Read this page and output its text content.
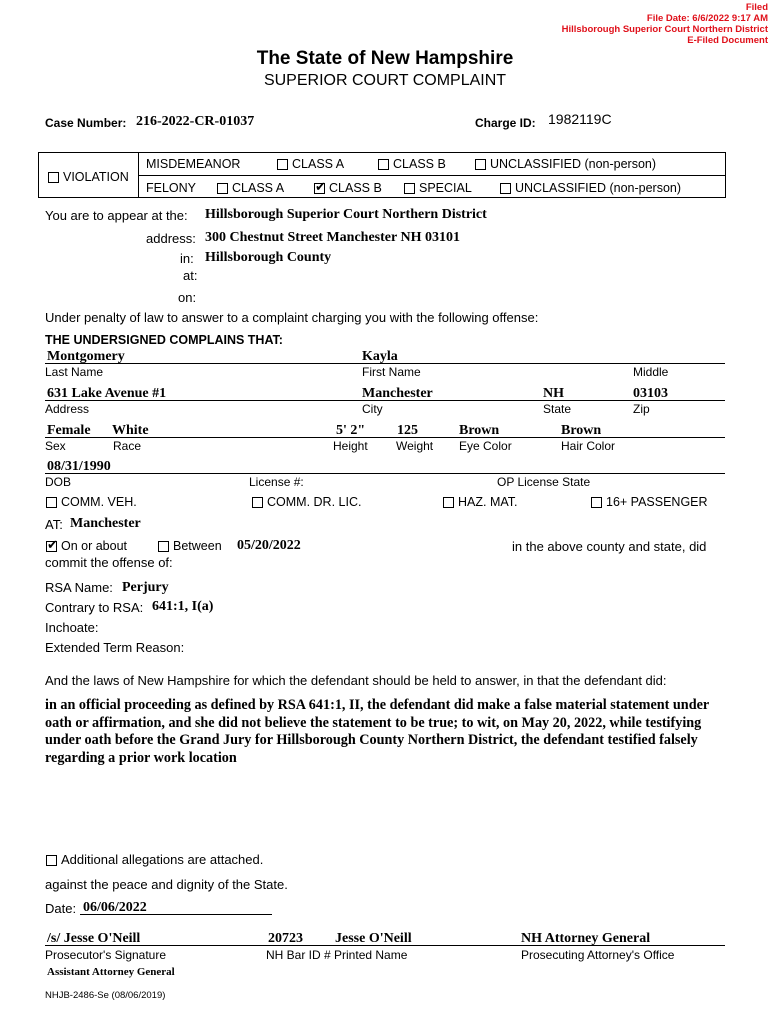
Filed
File Date: 6/6/2022 9:17 AM
Hillsborough Superior Court Northern District
E-Filed Document
The State of New Hampshire
SUPERIOR COURT COMPLAINT
Case Number: 216-2022-CR-01037	Charge ID: 1982119C
VIOLATION
MISDEMEANOR	CLASS A	CLASS B	UNCLASSIFIED (non-person)
FELONY	CLASS A
✔	CLASS B	SPECIAL	UNCLASSIFIED (non-person)
You are to appear at the: Hillsborough Superior Court Northern District
address: 300 Chestnut Street Manchester NH 03101
in: Hillsborough County
at:
on:
Under penalty of law to answer to a complaint charging you with the following offense:
THE UNDERSIGNED COMPLAINS THAT:
Montgomery	Kayla
Last Name	First Name	Middle
631 Lake Avenue #1	Manchester	NH	03103
Address	City	State	Zip
Female White	5' 2" 125	Brown	Brown
Sex	Race	Height Weight Eye Color	Hair Color
08/31/1990
DOB	License #:	OP License State
COMM. VEH.	COMM. DR. LIC.	HAZ. MAT.	16+ PASSENGER
AT: Manchester
✔On or about	Between 05/20/2022	in the above county and state, did
commit the offense of:
RSA Name: Perjury
Contrary to RSA: 641:1, I(a)
Inchoate:
Extended Term Reason:
And the laws of New Hampshire for which the defendant should be held to answer, in that the defendant did:
in an official proceeding as defined by RSA 641:1, II, the defendant did make a false material statement under oath or affirmation, and she did not believe the statement to be true; to wit, on May 20, 2022, while testifying under oath before the Grand Jury for Hillsborough County Northern District, the defendant testified falsely regarding a prior work location
Additional allegations are attached.
against the peace and dignity of the State.
Date: 06/06/2022
/s/ Jesse O'Neill	20723 Jesse O'Neill	NH Attorney General
Prosecutor's Signature	NH Bar ID # Printed Name	Prosecuting Attorney's Office
Assistant Attorney General
NHJB-2486-Se (08/06/2019)
